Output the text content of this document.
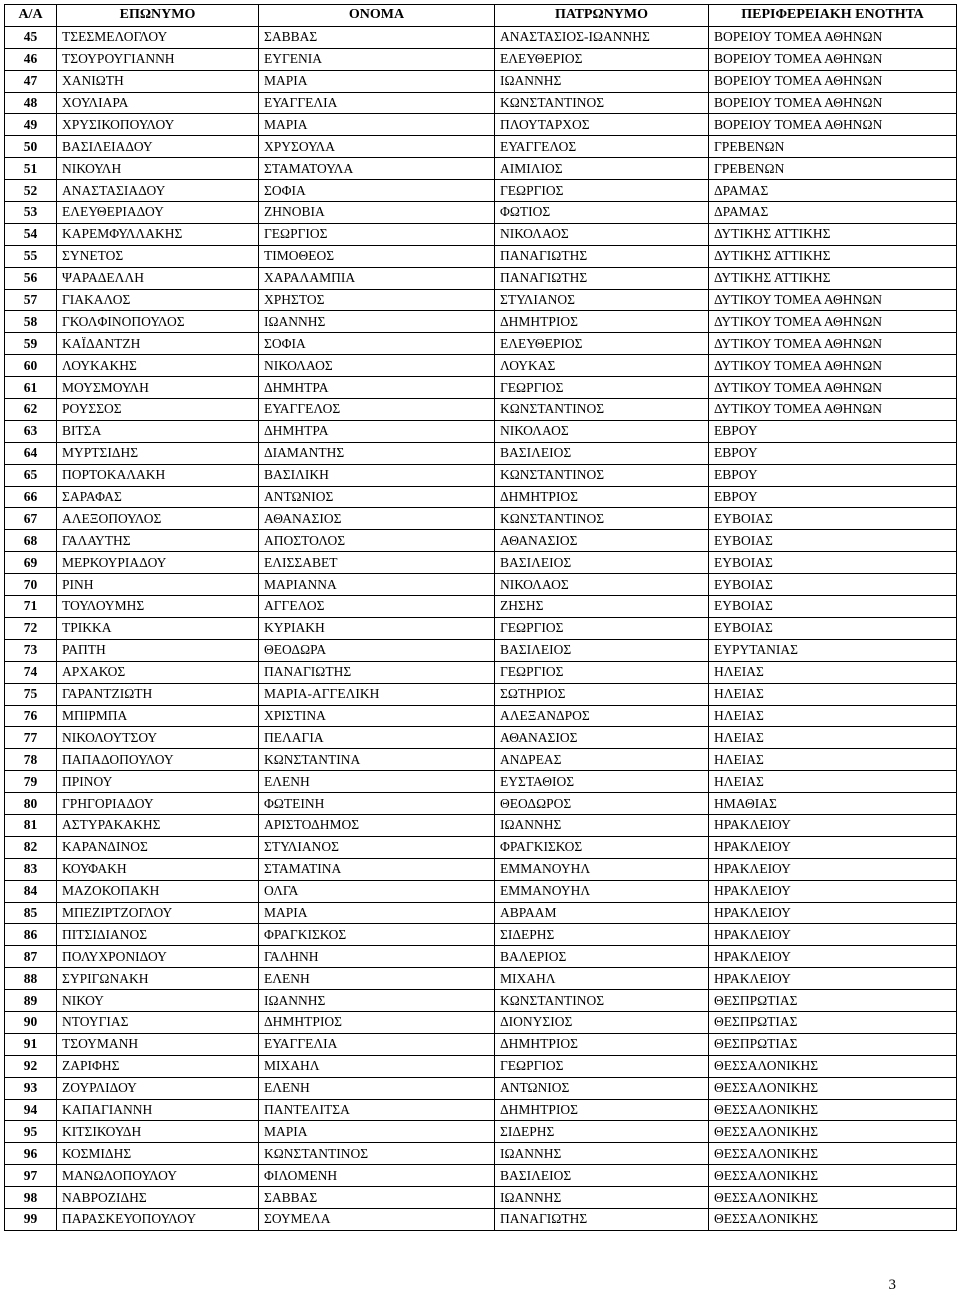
Α/Α	ΕΠΩΝΥΜΟ	ΟΝΟΜΑ	ΠΑΤΡΩΝΥΜΟ	ΠΕΡΙΦΕΡΕΙΑΚΗ ΕΝΟΤΗΤΑ
45	ΤΣΕΣΜΕΛΟΓΛΟΥ	ΣΑΒΒΑΣ	ΑΝΑΣΤΑΣΙΟΣ-ΙΩΑΝΝΗΣ	ΒΟΡΕΙΟΥ ΤΟΜΕΑ ΑΘΗΝΩΝ
46	ΤΣΟΥΡΟΥΓΙΑΝΝΗ	ΕΥΓΕΝΙΑ	ΕΛΕΥΘΕΡΙΟΣ	ΒΟΡΕΙΟΥ ΤΟΜΕΑ ΑΘΗΝΩΝ
47	ΧΑΝΙΩΤΗ	ΜΑΡΙΑ	ΙΩΑΝΝΗΣ	ΒΟΡΕΙΟΥ ΤΟΜΕΑ ΑΘΗΝΩΝ
48	ΧΟΥΛΙΑΡΑ	ΕΥΑΓΓΕΛΙΑ	ΚΩΝΣΤΑΝΤΙΝΟΣ	ΒΟΡΕΙΟΥ ΤΟΜΕΑ ΑΘΗΝΩΝ
49	ΧΡΥΣΙΚΟΠΟΥΛΟΥ	ΜΑΡΙΑ	ΠΛΟΥΤΑΡΧΟΣ	ΒΟΡΕΙΟΥ ΤΟΜΕΑ ΑΘΗΝΩΝ
50	ΒΑΣΙΛΕΙΑΔΟΥ	ΧΡΥΣΟΥΛΑ	ΕΥΑΓΓΕΛΟΣ	ΓΡΕΒΕΝΩΝ
51	ΝΙΚΟΥΛΗ	ΣΤΑΜΑΤΟΥΛΑ	ΑΙΜΙΛΙΟΣ	ΓΡΕΒΕΝΩΝ
52	ΑΝΑΣΤΑΣΙΑΔΟΥ	ΣΟΦΙΑ	ΓΕΩΡΓΙΟΣ	ΔΡΑΜΑΣ
53	ΕΛΕΥΘΕΡΙΑΔΟΥ	ΖΗΝΟΒΙΑ	ΦΩΤΙΟΣ	ΔΡΑΜΑΣ
54	ΚΑΡΕΜΦΥΛΛΑΚΗΣ	ΓΕΩΡΓΙΟΣ	ΝΙΚΟΛΑΟΣ	ΔΥΤΙΚΗΣ ΑΤΤΙΚΗΣ
55	ΣΥΝΕΤΟΣ	ΤΙΜΟΘΕΟΣ	ΠΑΝΑΓΙΩΤΗΣ	ΔΥΤΙΚΗΣ ΑΤΤΙΚΗΣ
56	ΨΑΡΑΔΕΛΛΗ	ΧΑΡΑΛΑΜΠΙΑ	ΠΑΝΑΓΙΩΤΗΣ	ΔΥΤΙΚΗΣ ΑΤΤΙΚΗΣ
57	ΓΙΑΚΑΛΟΣ	ΧΡΗΣΤΟΣ	ΣΤΥΛΙΑΝΟΣ	ΔΥΤΙΚΟΥ ΤΟΜΕΑ ΑΘΗΝΩΝ
58	ΓΚΟΛΦΙΝΟΠΟΥΛΟΣ	ΙΩΑΝΝΗΣ	ΔΗΜΗΤΡΙΟΣ	ΔΥΤΙΚΟΥ ΤΟΜΕΑ ΑΘΗΝΩΝ
59	ΚΑΪΔΑΝΤΖΗ	ΣΟΦΙΑ	ΕΛΕΥΘΕΡΙΟΣ	ΔΥΤΙΚΟΥ ΤΟΜΕΑ ΑΘΗΝΩΝ
60	ΛΟΥΚΑΚΗΣ	ΝΙΚΟΛΑΟΣ	ΛΟΥΚΑΣ	ΔΥΤΙΚΟΥ ΤΟΜΕΑ ΑΘΗΝΩΝ
61	ΜΟΥΣΜΟΥΛΗ	ΔΗΜΗΤΡΑ	ΓΕΩΡΓΙΟΣ	ΔΥΤΙΚΟΥ ΤΟΜΕΑ ΑΘΗΝΩΝ
62	ΡΟΥΣΣΟΣ	ΕΥΑΓΓΕΛΟΣ	ΚΩΝΣΤΑΝΤΙΝΟΣ	ΔΥΤΙΚΟΥ ΤΟΜΕΑ ΑΘΗΝΩΝ
63	ΒΙΤΣΑ	ΔΗΜΗΤΡΑ	ΝΙΚΟΛΑΟΣ	ΕΒΡΟΥ
64	ΜΥΡΤΣΙΔΗΣ	ΔΙΑΜΑΝΤΗΣ	ΒΑΣΙΛΕΙΟΣ	ΕΒΡΟΥ
65	ΠΟΡΤΟΚΑΛΑΚΗ	ΒΑΣΙΛΙΚΗ	ΚΩΝΣΤΑΝΤΙΝΟΣ	ΕΒΡΟΥ
66	ΣΑΡΑΦΑΣ	ΑΝΤΩΝΙΟΣ	ΔΗΜΗΤΡΙΟΣ	ΕΒΡΟΥ
67	ΑΛΕΞΟΠΟΥΛΟΣ	ΑΘΑΝΑΣΙΟΣ	ΚΩΝΣΤΑΝΤΙΝΟΣ	ΕΥΒΟΙΑΣ
68	ΓΑΛΑΥΤΗΣ	ΑΠΟΣΤΟΛΟΣ	ΑΘΑΝΑΣΙΟΣ	ΕΥΒΟΙΑΣ
69	ΜΕΡΚΟΥΡΙΑΔΟΥ	ΕΛΙΣΣΑΒΕΤ	ΒΑΣΙΛΕΙΟΣ	ΕΥΒΟΙΑΣ
70	ΡΙΝΗ	ΜΑΡΙΑΝΝΑ	ΝΙΚΟΛΑΟΣ	ΕΥΒΟΙΑΣ
71	ΤΟΥΛΟΥΜΗΣ	ΑΓΓΕΛΟΣ	ΖΗΣΗΣ	ΕΥΒΟΙΑΣ
72	ΤΡΙΚΚΑ	ΚΥΡΙΑΚΗ	ΓΕΩΡΓΙΟΣ	ΕΥΒΟΙΑΣ
73	ΡΑΠΤΗ	ΘΕΟΔΩΡΑ	ΒΑΣΙΛΕΙΟΣ	ΕΥΡΥΤΑΝΙΑΣ
74	ΑΡΧΑΚΟΣ	ΠΑΝΑΓΙΩΤΗΣ	ΓΕΩΡΓΙΟΣ	ΗΛΕΙΑΣ
75	ΓΑΡΑΝΤΖΙΩΤΗ	ΜΑΡΙΑ-ΑΓΓΕΛΙΚΗ	ΣΩΤΗΡΙΟΣ	ΗΛΕΙΑΣ
76	ΜΠΙΡΜΠΑ	ΧΡΙΣΤΙΝΑ	ΑΛΕΞΑΝΔΡΟΣ	ΗΛΕΙΑΣ
77	ΝΙΚΟΛΟΥΤΣΟΥ	ΠΕΛΑΓΙΑ	ΑΘΑΝΑΣΙΟΣ	ΗΛΕΙΑΣ
78	ΠΑΠΑΔΟΠΟΥΛΟΥ	ΚΩΝΣΤΑΝΤΙΝΑ	ΑΝΔΡΕΑΣ	ΗΛΕΙΑΣ
79	ΠΡΙΝΟΥ	ΕΛΕΝΗ	ΕΥΣΤΑΘΙΟΣ	ΗΛΕΙΑΣ
80	ΓΡΗΓΟΡΙΑΔΟΥ	ΦΩΤΕΙΝΗ	ΘΕΟΔΩΡΟΣ	ΗΜΑΘΙΑΣ
81	ΑΣΤΥΡΑΚΑΚΗΣ	ΑΡΙΣΤΟΔΗΜΟΣ	ΙΩΑΝΝΗΣ	ΗΡΑΚΛΕΙΟΥ
82	ΚΑΡΑΝΔΙΝΟΣ	ΣΤΥΛΙΑΝΟΣ	ΦΡΑΓΚΙΣΚΟΣ	ΗΡΑΚΛΕΙΟΥ
83	ΚΟΥΦΑΚΗ	ΣΤΑΜΑΤΙΝΑ	ΕΜΜΑΝΟΥΗΛ	ΗΡΑΚΛΕΙΟΥ
84	ΜΑΖΟΚΟΠΑΚΗ	ΟΛΓΑ	ΕΜΜΑΝΟΥΗΛ	ΗΡΑΚΛΕΙΟΥ
85	ΜΠΕΖΙΡΤΖΟΓΛΟΥ	ΜΑΡΙΑ	ΑΒΡΑΑΜ	ΗΡΑΚΛΕΙΟΥ
86	ΠΙΤΣΙΔΙΑΝΟΣ	ΦΡΑΓΚΙΣΚΟΣ	ΣΙΔΕΡΗΣ	ΗΡΑΚΛΕΙΟΥ
87	ΠΟΛΥΧΡΟΝΙΔΟΥ	ΓΑΛΗΝΗ	ΒΑΛΕΡΙΟΣ	ΗΡΑΚΛΕΙΟΥ
88	ΣΥΡΙΓΩΝΑΚΗ	ΕΛΕΝΗ	ΜΙΧΑΗΛ	ΗΡΑΚΛΕΙΟΥ
89	ΝΙΚΟΥ	ΙΩΑΝΝΗΣ	ΚΩΝΣΤΑΝΤΙΝΟΣ	ΘΕΣΠΡΩΤΙΑΣ
90	ΝΤΟΥΓΙΑΣ	ΔΗΜΗΤΡΙΟΣ	ΔΙΟΝΥΣΙΟΣ	ΘΕΣΠΡΩΤΙΑΣ
91	ΤΣΟΥΜΑΝΗ	ΕΥΑΓΓΕΛΙΑ	ΔΗΜΗΤΡΙΟΣ	ΘΕΣΠΡΩΤΙΑΣ
92	ΖΑΡΙΦΗΣ	ΜΙΧΑΗΛ	ΓΕΩΡΓΙΟΣ	ΘΕΣΣΑΛΟΝΙΚΗΣ
93	ΖΟΥΡΛΙΔΟΥ	ΕΛΕΝΗ	ΑΝΤΩΝΙΟΣ	ΘΕΣΣΑΛΟΝΙΚΗΣ
94	ΚΑΠΑΓΙΑΝΝΗ	ΠΑΝΤΕΛΙΤΣΑ	ΔΗΜΗΤΡΙΟΣ	ΘΕΣΣΑΛΟΝΙΚΗΣ
95	ΚΙΤΣΙΚΟΥΔΗ	ΜΑΡΙΑ	ΣΙΔΕΡΗΣ	ΘΕΣΣΑΛΟΝΙΚΗΣ
96	ΚΟΣΜΙΔΗΣ	ΚΩΝΣΤΑΝΤΙΝΟΣ	ΙΩΑΝΝΗΣ	ΘΕΣΣΑΛΟΝΙΚΗΣ
97	ΜΑΝΩΛΟΠΟΥΛΟΥ	ΦΙΛΟΜΕΝΗ	ΒΑΣΙΛΕΙΟΣ	ΘΕΣΣΑΛΟΝΙΚΗΣ
98	ΝΑΒΡΟΖΙΔΗΣ	ΣΑΒΒΑΣ	ΙΩΑΝΝΗΣ	ΘΕΣΣΑΛΟΝΙΚΗΣ
99	ΠΑΡΑΣΚΕΥΟΠΟΥΛΟΥ	ΣΟΥΜΕΛΑ	ΠΑΝΑΓΙΩΤΗΣ	ΘΕΣΣΑΛΟΝΙΚΗΣ
3
